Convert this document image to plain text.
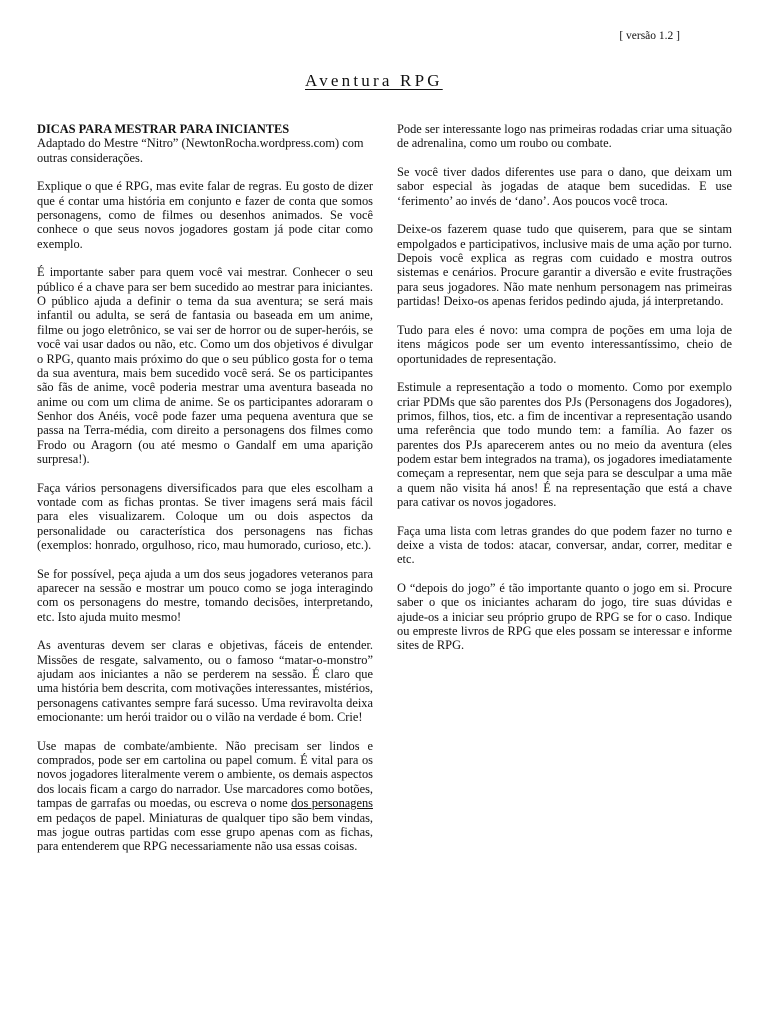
[ versão 1.2 ]
Aventura RPG

DICAS PARA MESTRAR PARA INICIANTES
Adaptado do Mestre “Nitro” (NewtonRocha.wordpress.com) com outras considerações.

Explique o que é RPG, mas evite falar de regras. Eu gosto de dizer que é contar uma história em conjunto e fazer de conta que somos personagens, como de filmes ou desenhos animados. Se você conhece o que seus novos jogadores gostam já pode citar como exemplo.

É importante saber para quem você vai mestrar. Conhecer o seu público é a chave para ser bem sucedido ao mestrar para iniciantes. O público ajuda a definir o tema da sua aventura; se será mais infantil ou adulta, se será de fantasia ou baseada em um anime, filme ou jogo eletrônico, se vai ser de horror ou de super-heróis, se você vai usar dados ou não, etc. Como um dos objetivos é divulgar o RPG, quanto mais próximo do que o seu público gosta for o tema da sua aventura, mais bem sucedido você será. Se os participantes são fãs de anime, você poderia mestrar uma aventura baseada no anime ou com um clima de anime. Se os participantes adoraram o Senhor dos Anéis, você pode fazer uma pequena aventura que se passa na Terra-média, com direito a personagens dos filmes como Frodo ou Aragorn (ou até mesmo o Gandalf em uma aparição surpresa!).

Faça vários personagens diversificados para que eles escolham a vontade com as fichas prontas. Se tiver imagens será mais fácil para eles visualizarem. Coloque um ou dois aspectos da personalidade ou característica dos personagens nas fichas (exemplos: honrado, orgulhoso, rico, mau humorado, curioso, etc.).

Se for possível, peça ajuda a um dos seus jogadores veteranos para aparecer na sessão e mostrar um pouco como se joga interagindo com os personagens do mestre, tomando decisões, interpretando, etc. Isto ajuda muito mesmo!

As aventuras devem ser claras e objetivas, fáceis de entender. Missões de resgate, salvamento, ou o famoso “matar-o-monstro” ajudam aos iniciantes a não se perderem na sessão. É claro que uma história bem descrita, com motivações interessantes, mistérios, personagens cativantes sempre fará sucesso. Uma reviravolta deixa emocionante: um herói traidor ou o vilão na verdade é bom. Crie!

Use mapas de combate/ambiente. Não precisam ser lindos e comprados, pode ser em cartolina ou papel comum. É vital para os novos jogadores literalmente verem o ambiente, os demais aspectos dos locais ficam a cargo do narrador. Use marcadores como botões, tampas de garrafas ou moedas, ou escreva o nome dos personagens em pedaços de papel. Miniaturas de qualquer tipo são bem vindas, mas jogue outras partidas com esse grupo apenas com as fichas, para entenderem que RPG necessariamente não usa essas coisas.

Pode ser interessante logo nas primeiras rodadas criar uma situação de adrenalina, como um roubo ou combate.

Se você tiver dados diferentes use para o dano, que deixam um sabor especial às jogadas de ataque bem sucedidas. E use ‘ferimento’ ao invés de ‘dano’. Aos poucos você troca.

Deixe-os fazerem quase tudo que quiserem, para que se sintam empolgados e participativos, inclusive mais de uma ação por turno. Depois você explica as regras com cuidado e mostra outros sistemas e cenários. Procure garantir a diversão e evite frustrações para seus jogadores. Não mate nenhum personagem nas primeiras partidas! Deixo-os apenas feridos pedindo ajuda, já interpretando.

Tudo para eles é novo: uma compra de poções em uma loja de itens mágicos pode ser um evento interessantíssimo, cheio de oportunidades de representação.

Estimule a representação a todo o momento. Como por exemplo criar PDMs que são parentes dos PJs (Personagens dos Jogadores), primos, filhos, tios, etc. a fim de incentivar a representação usando uma referência que todo mundo tem: a família. Ao fazer os parentes dos PJs aparecerem antes ou no meio da aventura (eles podem estar bem integrados na trama), os jogadores imediatamente começam a representar, nem que seja para se desculpar a uma mãe a quem não visita há anos! É na representação que está a chave para cativar os novos jogadores.

Faça uma lista com letras grandes do que podem fazer no turno e deixe a vista de todos: atacar, conversar, andar, correr, meditar e etc.

O “depois do jogo” é tão importante quanto o jogo em si. Procure saber o que os iniciantes acharam do jogo, tire suas dúvidas e ajude-os a iniciar seu próprio grupo de RPG se for o caso. Indique ou empreste livros de RPG que eles possam se interessar e informe sites de RPG.
